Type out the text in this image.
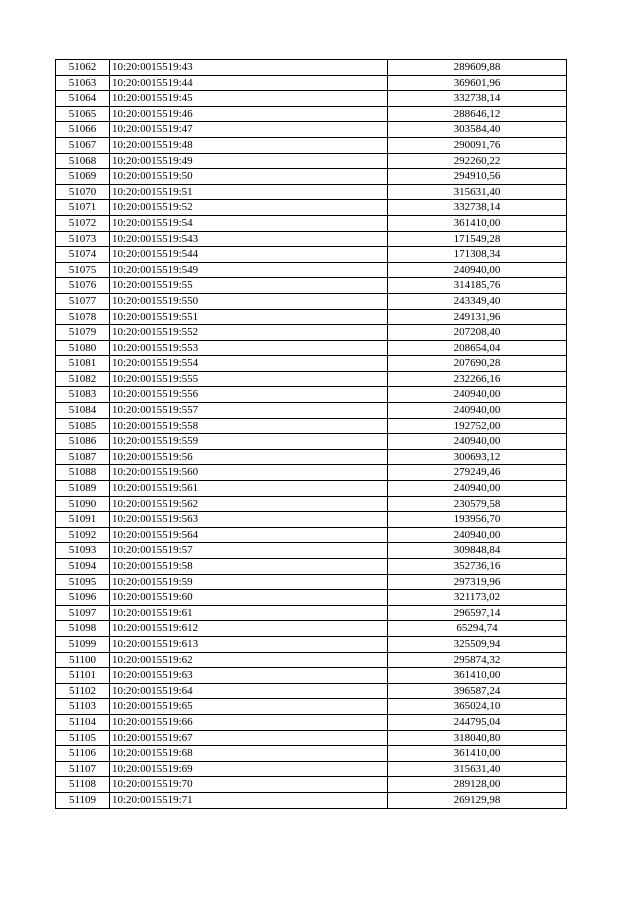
51062	10:20:0015519:43	289609,88
51063	10:20:0015519:44	369601,96
51064	10:20:0015519:45	332738,14
51065	10:20:0015519:46	288646,12
51066	10:20:0015519:47	303584,40
51067	10:20:0015519:48	290091,76
51068	10:20:0015519:49	292260,22
51069	10:20:0015519:50	294910,56
51070	10:20:0015519:51	315631,40
51071	10:20:0015519:52	332738,14
51072	10:20:0015519:54	361410,00
51073	10:20:0015519:543	171549,28
51074	10:20:0015519:544	171308,34
51075	10:20:0015519:549	240940,00
51076	10:20:0015519:55	314185,76
51077	10:20:0015519:550	243349,40
51078	10:20:0015519:551	249131,96
51079	10:20:0015519:552	207208,40
51080	10:20:0015519:553	208654,04
51081	10:20:0015519:554	207690,28
51082	10:20:0015519:555	232266,16
51083	10:20:0015519:556	240940,00
51084	10:20:0015519:557	240940,00
51085	10:20:0015519:558	192752,00
51086	10:20:0015519:559	240940,00
51087	10:20:0015519:56	300693,12
51088	10:20:0015519:560	279249,46
51089	10:20:0015519:561	240940,00
51090	10:20:0015519:562	230579,58
51091	10:20:0015519:563	193956,70
51092	10:20:0015519:564	240940,00
51093	10:20:0015519:57	309848,84
51094	10:20:0015519:58	352736,16
51095	10:20:0015519:59	297319,96
51096	10:20:0015519:60	321173,02
51097	10:20:0015519:61	296597,14
51098	10:20:0015519:612	65294,74
51099	10:20:0015519:613	325509,94
51100	10:20:0015519:62	295874,32
51101	10:20:0015519:63	361410,00
51102	10:20:0015519:64	396587,24
51103	10:20:0015519:65	365024,10
51104	10:20:0015519:66	244795,04
51105	10:20:0015519:67	318040,80
51106	10:20:0015519:68	361410,00
51107	10:20:0015519:69	315631,40
51108	10:20:0015519:70	289128,00
51109	10:20:0015519:71	269129,98
